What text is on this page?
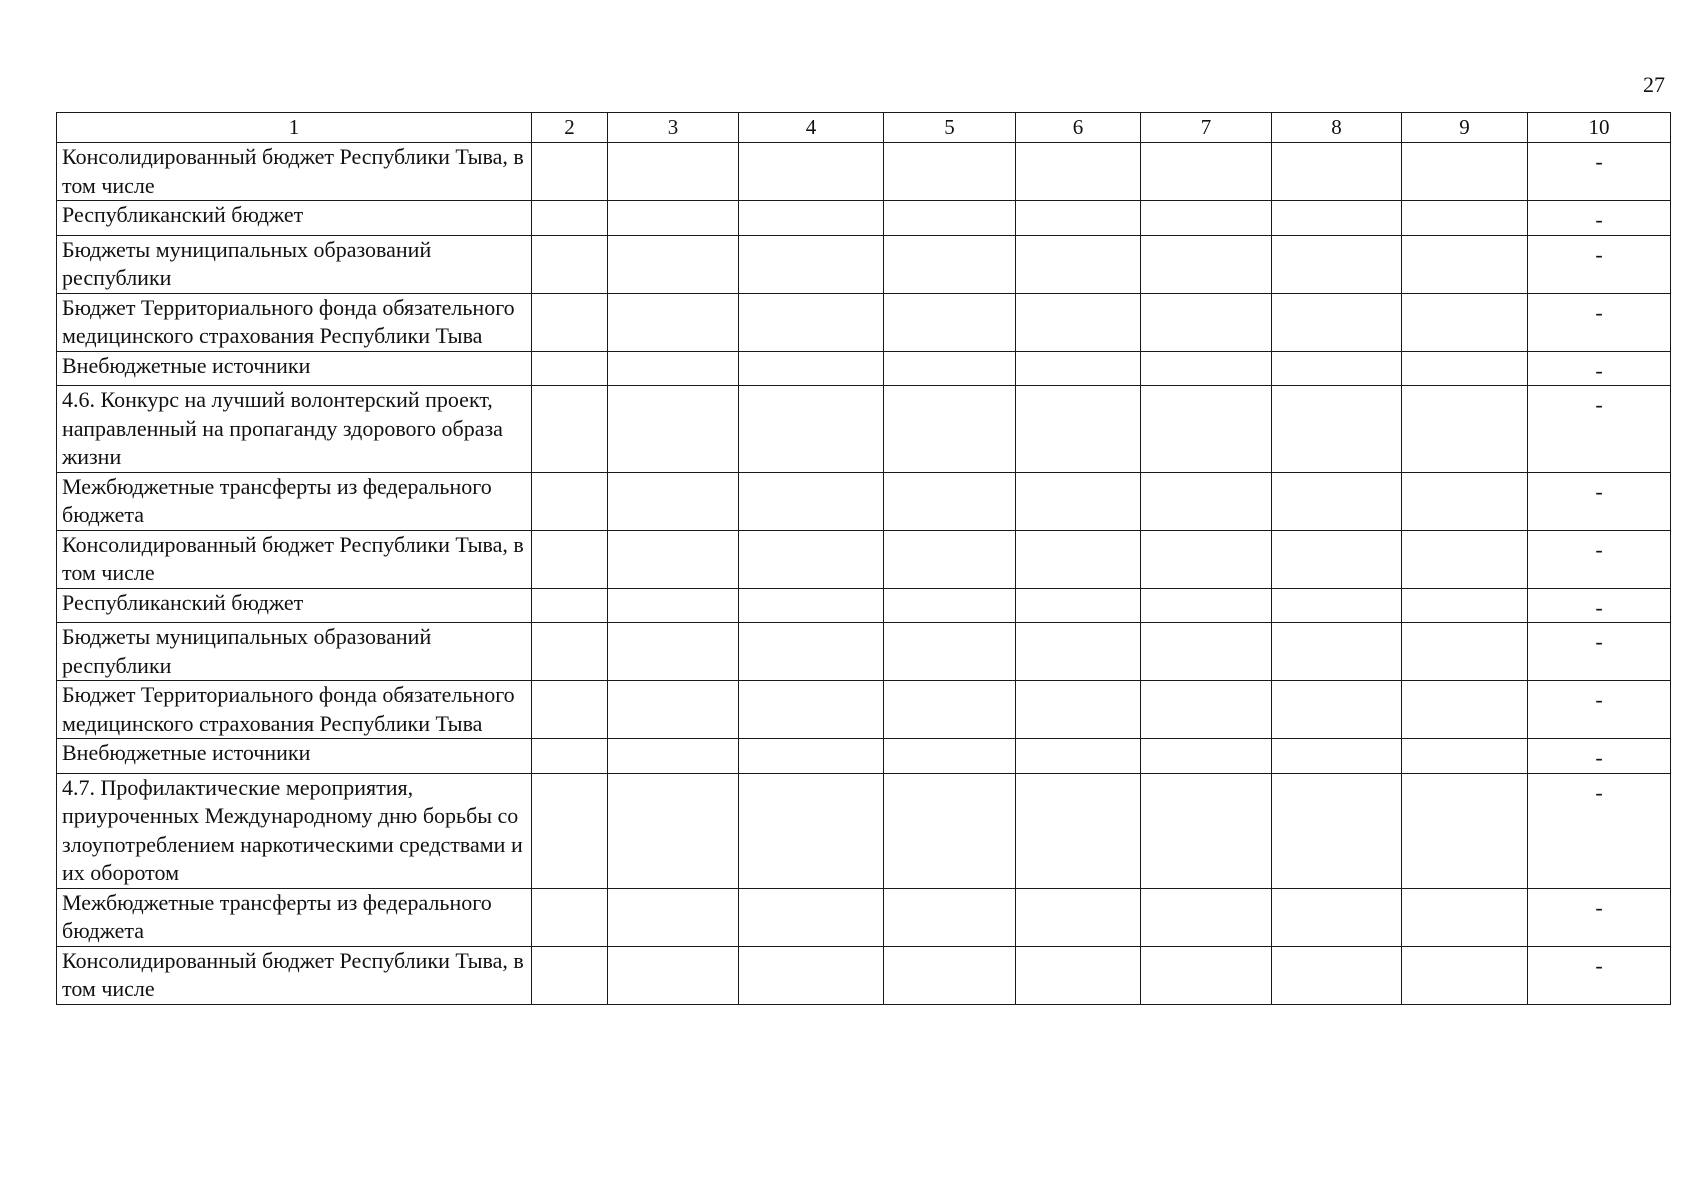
27
1	2	3	4	5	6	7	8	9	10
Консолидированный бюджет Республики Тыва, в том числе									-
Республиканский бюджет									-
Бюджеты муниципальных образований республики									-
Бюджет Территориального фонда обязательного медицинского страхования Республики Тыва									-
Внебюджетные источники									-
4.6. Конкурс на лучший волонтерский проект, направленный на пропаганду здорового образа жизни									-
Межбюджетные трансферты из федерального бюджета									-
Консолидированный бюджет Республики Тыва, в том числе									-
Республиканский бюджет									-
Бюджеты муниципальных образований республики									-
Бюджет Территориального фонда обязательного медицинского страхования Республики Тыва									-
Внебюджетные источники									-
4.7. Профилактические мероприятия, приуроченных Международному дню борьбы со злоупотреблением наркотическими средствами и их оборотом									-
Межбюджетные трансферты из федерального бюджета									-
Консолидированный бюджет Республики Тыва, в том числе									-
